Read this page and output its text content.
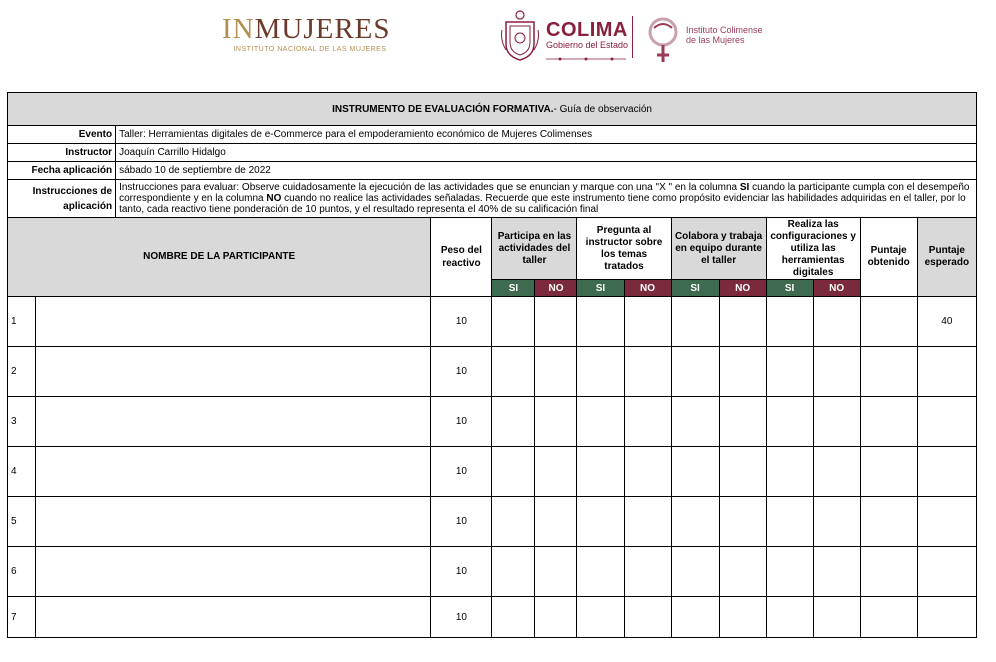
INMUJERES
INSTITUTO NACIONAL DE LAS MUJERES
COLIMA
Gobierno del Estado
Instituto Colimense
de las Mujeres
INSTRUMENTO DE EVALUACIÓN FORMATIVA.- Guía de observación													
Evento		Taller: Herramientas digitales de e-Commerce para el empoderamiento económico de Mujeres Colimenses											
Instructor		Joaquín Carrillo Hidalgo											
Fecha aplicación		sábado 10 de septiembre de 2022											
Instrucciones de
aplicación		Instrucciones para evaluar: Observe cuidadosamente la ejecución de las actividades que se enuncian y marque con una "X " en la columna SI cuando la participante cumpla con el desempeño correspondiente y en la columna NO cuando no realice las actividades señaladas. Recuerde que este instrumento tiene como propósito evidenciar las habilidades adquiridas en el taller, por lo tanto, cada reactivo tiene ponderación de 10 puntos, y el resultado representa el 40% de su calificación final											
NOMBRE DE LA PARTICIPANTE			Peso del reactivo	Participa en las actividades del taller		Pregunta al instructor sobre los temas tratados		Colabora y trabaja en equipo durante el taller		Realiza las configuraciones y utiliza las herramientas digitales		Puntaje obtenido	Puntaje esperado
				SI	NO	SI	NO	SI	NO	SI	NO		
1			10										40
2			10										
3			10										
4			10										
5			10										
6			10										
7			10										
